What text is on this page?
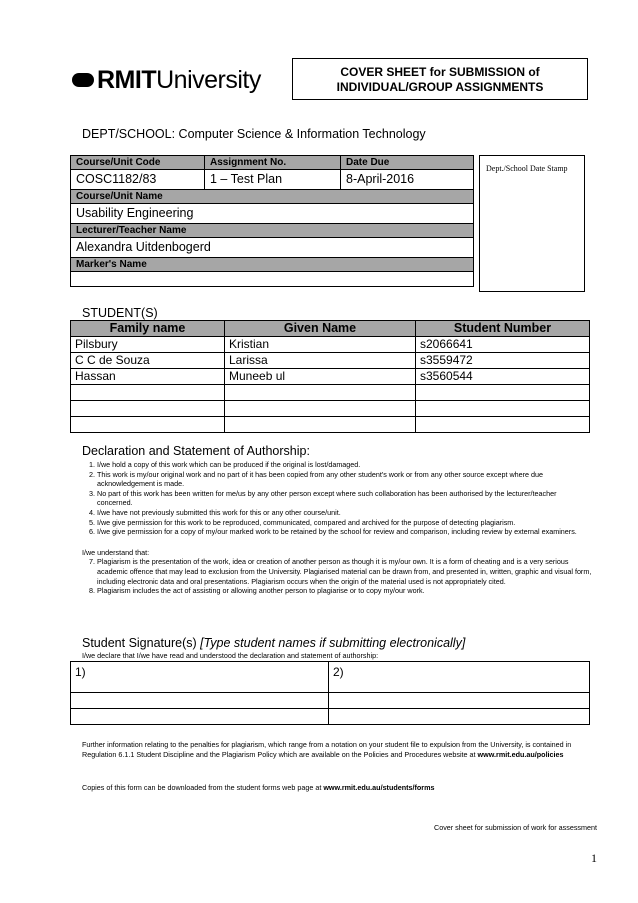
RMITUniversity	COVER SHEET for SUBMISSION of
INDIVIDUAL/GROUP ASSIGNMENTS
DEPT/SCHOOL: Computer Science & Information Technology
Course/Unit Code	Assignment No.	Date Due
COSC1182/83	1 – Test Plan	8-April-2016
Course/Unit Name		
Usability Engineering		
Lecturer/Teacher Name		
Alexandra Uitdenbogerd		
Marker's Name		

Dept./School Date Stamp
STUDENT(S)
Family name	Given Name	Student Number
Pilsbury	Kristian	s2066641
C C de Souza	Larissa	s3559472
Hassan	Muneeb ul	s3560544

Declaration and Statement of Authorship:
1. I/we hold a copy of this work which can be produced if the original is lost/damaged.
2. This work is my/our original work and no part of it has been copied from any other student's work or from any other source except where due acknowledgement is made.
3. No part of this work has been written for me/us by any other person except where such collaboration has been authorised by the lecturer/teacher concerned.
4. I/we have not previously submitted this work for this or any other course/unit.
5. I/we give permission for this work to be reproduced, communicated, compared and archived for the purpose of detecting plagiarism.
6. I/we give permission for a copy of my/our marked work to be retained by the school for review and comparison, including review by external examiners.
I/we understand that:
7. Plagiarism is the presentation of the work, idea or creation of another person as though it is my/our own. It is a form of cheating and is a very serious academic offence that may lead to exclusion from the University. Plagiarised material can be drawn from, and presented in, written, graphic and visual form, including electronic data and oral presentations. Plagiarism occurs when the origin of the material used is not appropriately cited.
8. Plagiarism includes the act of assisting or allowing another person to plagiarise or to copy my/our work.
Student Signature(s) [Type student names if submitting electronically]
I/we declare that I/we have read and understood the declaration and statement of authorship:
1)	2)

Further information relating to the penalties for plagiarism, which range from a notation on your student file to expulsion from the University, is contained in Regulation 6.1.1 Student Discipline and the Plagiarism Policy which are available on the Policies and Procedures website at www.rmit.edu.au/policies
Copies of this form can be downloaded from the student forms web page at www.rmit.edu.au/students/forms
Cover sheet for submission of work for assessment
1
